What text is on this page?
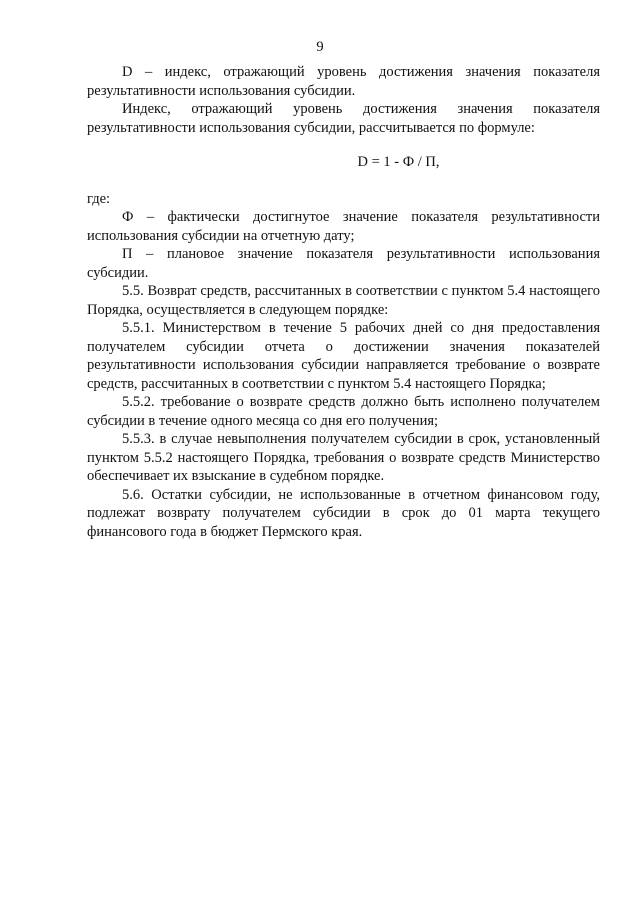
9

D – индекс, отражающий уровень достижения значения показателя результативности использования субсидии.

Индекс, отражающий уровень достижения значения показателя результативности использования субсидии, рассчитывается по формуле:

D = 1 - Ф / П,

где:

Ф – фактически достигнутое значение показателя результативности использования субсидии на отчетную дату;

П – плановое значение показателя результативности использования субсидии.

5.5. Возврат средств, рассчитанных в соответствии с пунктом 5.4 настоящего Порядка, осуществляется в следующем порядке:

5.5.1. Министерством в течение 5 рабочих дней со дня предоставления получателем субсидии отчета о достижении значения показателей результативности использования субсидии направляется требование о возврате средств, рассчитанных в соответствии с пунктом 5.4 настоящего Порядка;

5.5.2. требование о возврате средств должно быть исполнено получателем субсидии в течение одного месяца со дня его получения;

5.5.3. в случае невыполнения получателем субсидии в срок, установленный пунктом 5.5.2 настоящего Порядка, требования о возврате средств Министерство обеспечивает их взыскание в судебном порядке.

5.6. Остатки субсидии, не использованные в отчетном финансовом году, подлежат возврату получателем субсидии в срок до 01 марта текущего финансового года в бюджет Пермского края.
